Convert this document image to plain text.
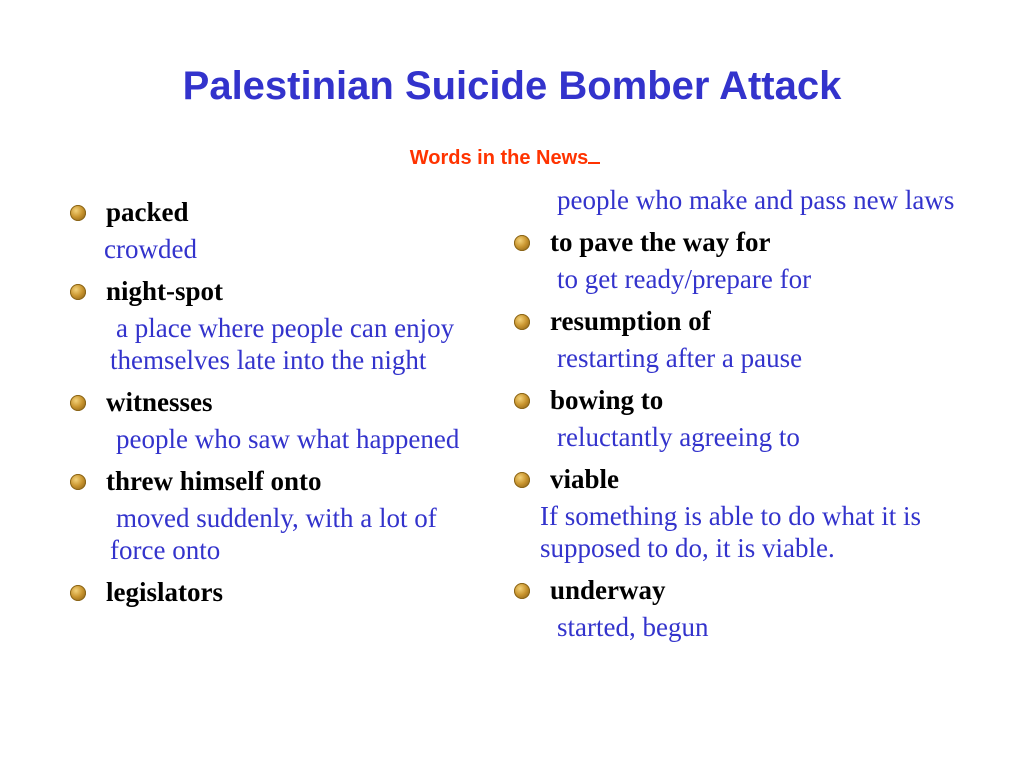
Palestinian Suicide Bomber Attack
Words in the News
packed
crowded
night-spot
a place where people can enjoy themselves late into the night
witnesses
people who saw what happened
threw himself onto
moved suddenly, with a lot of force onto
legislators
people who make and pass new laws
to pave the way for
to get ready/prepare for
resumption of
restarting after a pause
bowing to
reluctantly agreeing to
viable
If something is able to do what it is supposed to do, it is viable.
underway
started, begun
